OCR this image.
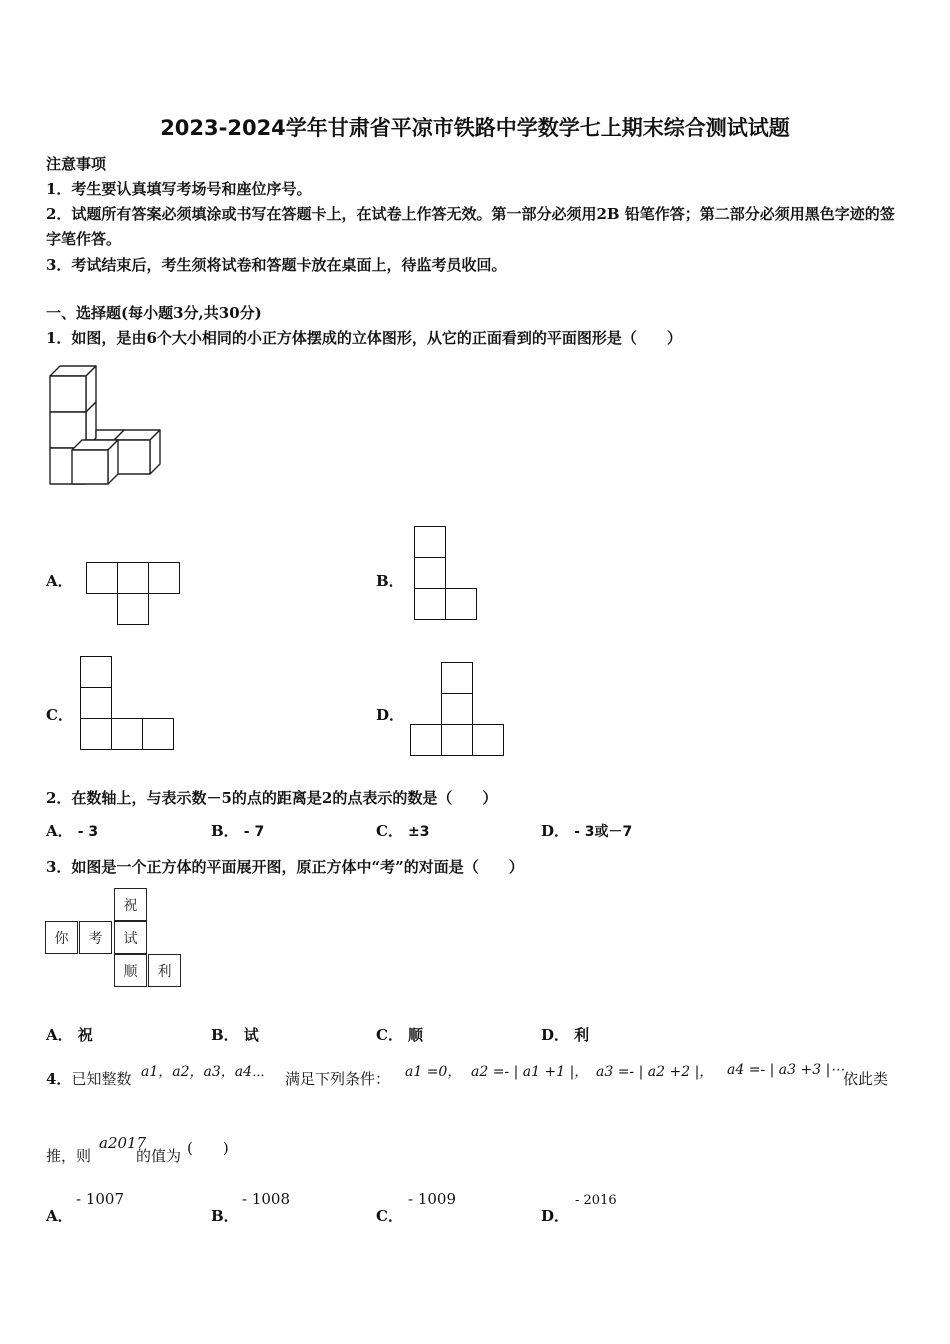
2023-2024学年甘肃省平凉市铁路中学数学七上期末综合测试试题
注意事项
1．考生要认真填写考场号和座位序号。
2．试题所有答案必须填涂或书写在答题卡上，在试卷上作答无效。第一部分必须用2B 铅笔作答；第二部分必须用黑色字迹的签字笔作答。
3．考试结束后，考生须将试卷和答题卡放在桌面上，待监考员收回。
一、选择题(每小题3分,共30分)
1．如图，是由6个大小相同的小正方体摆成的立体图形，从它的正面看到的平面图形是（　　）
A．	B．
C．	D．
2．在数轴上，与表示数－5的点的距离是2的点表示的数是（　　）
A． - 3	B． - 7	C． ±3	D． - 3或－7
3．如图是一个正方体的平面展开图，原正方体中“考”的对面是（　　）
祝
你	考	试
顺	利
A． 祝	B． 试	C． 顺	D． 利
4．已知整数 a1，a2，a3，a4⋯ 满足下列条件： a1 =0， a2 =- | a1 +1 |， a3 =- | a2 +2 |， a4 =- | a3 +3 |⋯
依此类
推，则
a2017
的值为 (　　)
A．
- 1007
B．
- 1008
C．
- 1009
D．
- 2016
